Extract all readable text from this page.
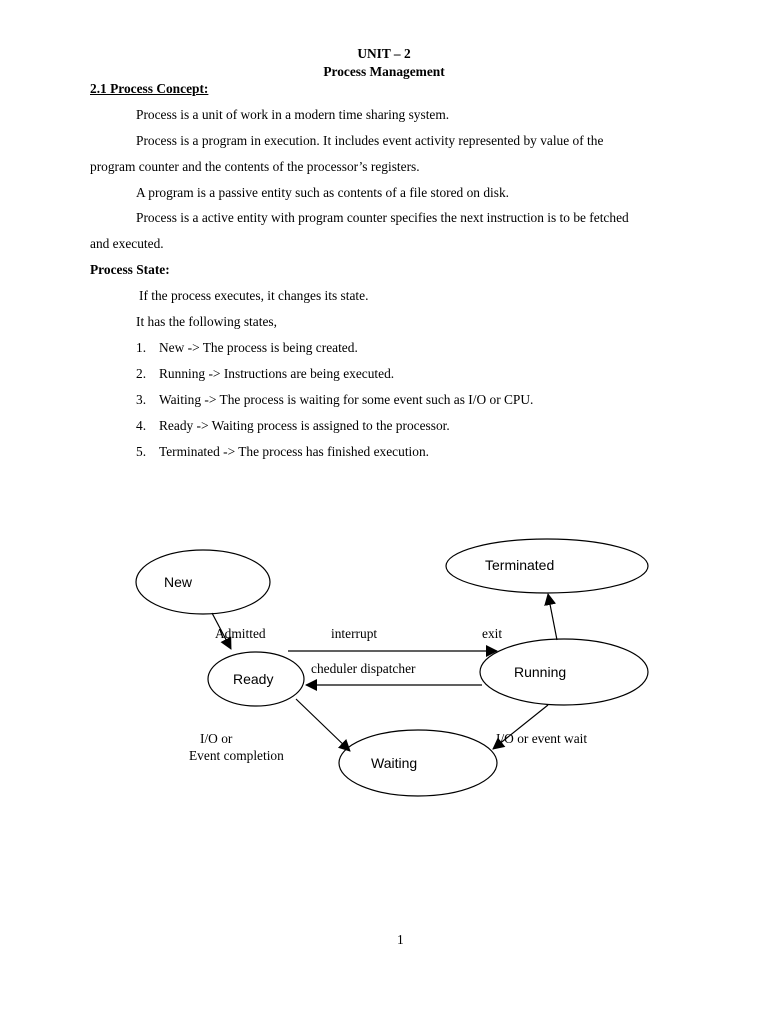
UNIT – 2
Process Management
2.1 Process Concept:
Process is a unit of work in a modern time sharing system.
Process is a program in execution. It includes event activity represented by value of the
program counter and the contents of the processor’s registers.
A program is a passive entity such as contents of a file stored on disk.
Process is a active entity with program counter specifies the next instruction is to be fetched
and executed.
Process State:
If the process executes, it changes its state.
It has the following states,
1. New -> The process is being created.
2. Running -> Instructions are being executed.
3. Waiting -> The process is waiting for some event such as I/O or CPU.
4. Ready -> Waiting process is assigned to the processor.
5. Terminated -> The process has finished execution.
New
Terminated
Ready	Running
Waiting
Admitted	interrupt	exit
cheduler dispatcher
I/O or event wait
I/O or
Event completion
1
